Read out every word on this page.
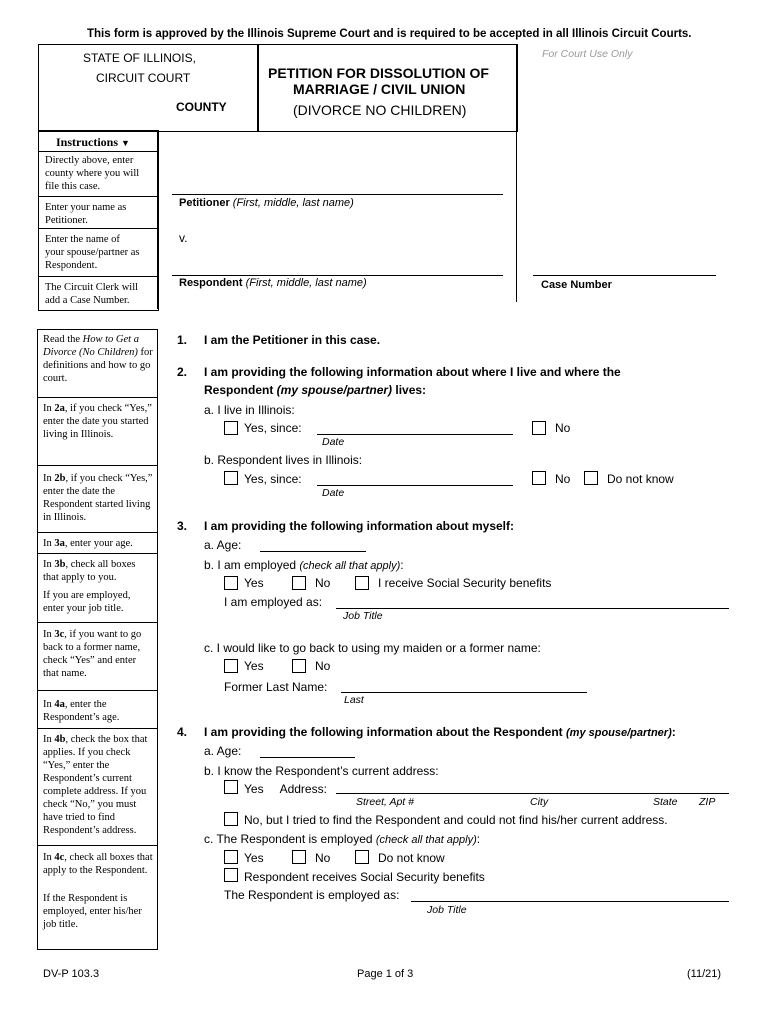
This form is approved by the Illinois Supreme Court and is required to be accepted in all Illinois Circuit Courts.
STATE OF ILLINOIS,
CIRCUIT COURT
COUNTY
PETITION FOR DISSOLUTION OF
MARRIAGE / CIVIL UNION
(DIVORCE NO CHILDREN)
For Court Use Only
Instructions ▼
Directly above, enter
county where you will
file this case.
Enter your name as
Petitioner.
Enter the name of
your spouse/partner as
Respondent.
The Circuit Clerk will
add a Case Number.
Petitioner (First, middle, last name)
v.
Respondent (First, middle, last name)	Case Number
Read the How to Get a Divorce (No Children) for definitions and how to go court.
In 2a, if you check “Yes,” enter the date you started living in Illinois.
In 2b, if you check “Yes,” enter the date the Respondent started living in Illinois.
In 3a, enter your age.
In 3b, check all boxes that apply to you.
If you are employed, enter your job title.
In 3c, if you want to go back to a former name, check “Yes” and enter that name.
In 4a, enter the Respondent’s age.
In 4b, check the box that applies. If you check “Yes,” enter the Respondent’s current complete address. If you check “No,” you must have tried to find Respondent’s address.
In 4c, check all boxes that apply to the Respondent.
If the Respondent is employed, enter his/her job title.
1. I am the Petitioner in this case.
2. I am providing the following information about where I live and where the
Respondent (my spouse/partner) lives:
a. I live in Illinois:
Yes, since:
Date
No
b. Respondent lives in Illinois:
Yes, since:
Date
No	Do not know
3. I am providing the following information about myself:
a. Age:
b. I am employed (check all that apply):
Yes	No	I receive Social Security benefits
I am employed as:
Job Title
c. I would like to go back to using my maiden or a former name:
Yes	No
Former Last Name:
Last
4. I am providing the following information about the Respondent (my spouse/partner):
a. Age:
b. I know the Respondent’s current address:
Yes     Address:
Street, Apt #	City	State ZIP
No, but I tried to find the Respondent and could not find his/her current address.
c. The Respondent is employed (check all that apply):
Yes	No	Do not know
Respondent receives Social Security benefits
The Respondent is employed as:
Job Title
DV-P 103.3	Page 1 of 3	(11/21)
